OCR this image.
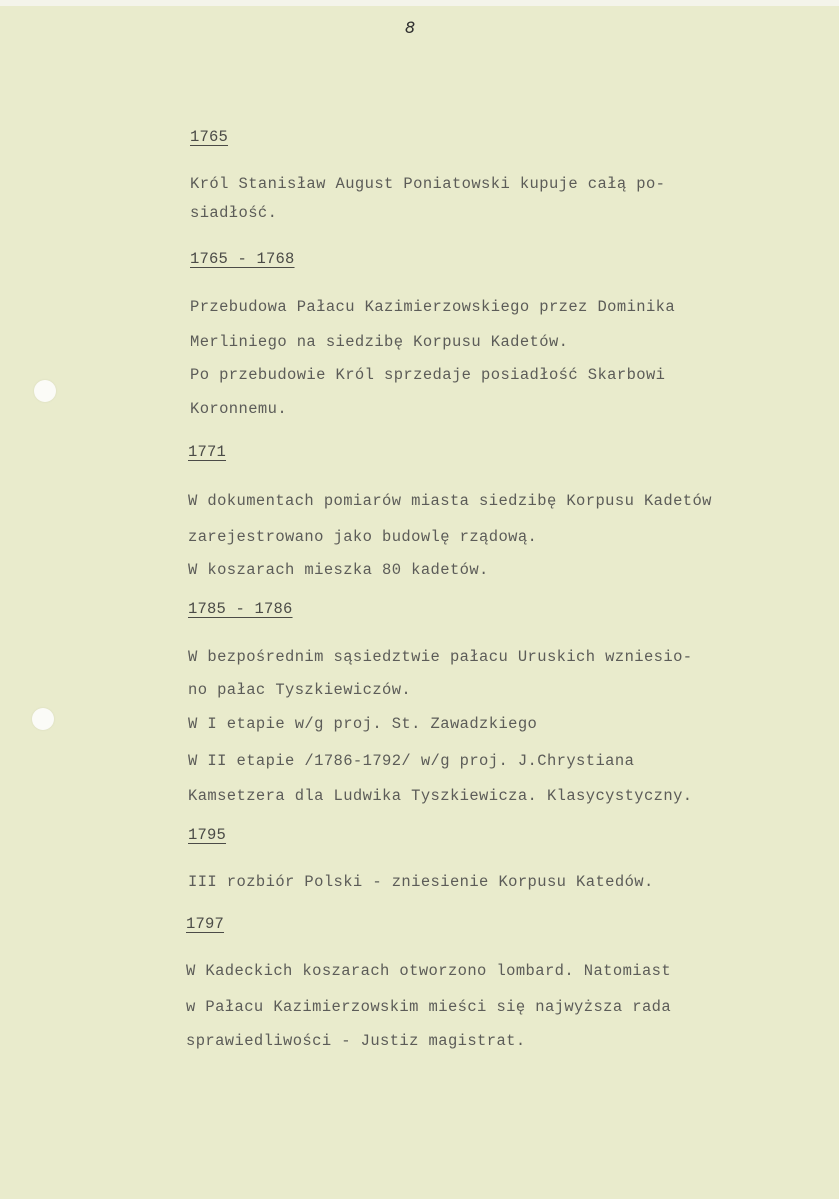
8
1765
Król Stanisław August Poniatowski kupuje całą po-
siadłość.
1765 - 1768
Przebudowa Pałacu Kazimierzowskiego przez Dominika
Merliniego na siedzibę Korpusu Kadetów.
Po przebudowie Król sprzedaje posiadłość Skarbowi
Koronnemu.
1771
W dokumentach pomiarów miasta siedzibę Korpusu Kadetów
zarejestrowano jako budowlę rządową.
W koszarach mieszka 80 kadetów.
1785 - 1786
W bezpośrednim sąsiedztwie pałacu Uruskich wzniesio-
no pałac Tyszkiewiczów.
W I etapie w/g proj. St. Zawadzkiego
W II etapie /1786-1792/ w/g proj. J.Chrystiana
Kamsetzera dla Ludwika Tyszkiewicza. Klasycystyczny.
1795
III rozbiór Polski - zniesienie Korpusu Katedów.
1797
W Kadeckich koszarach otworzono lombard. Natomiast
w Pałacu Kazimierzowskim mieści się najwyższa rada
sprawiedliwości - Justiz magistrat.
